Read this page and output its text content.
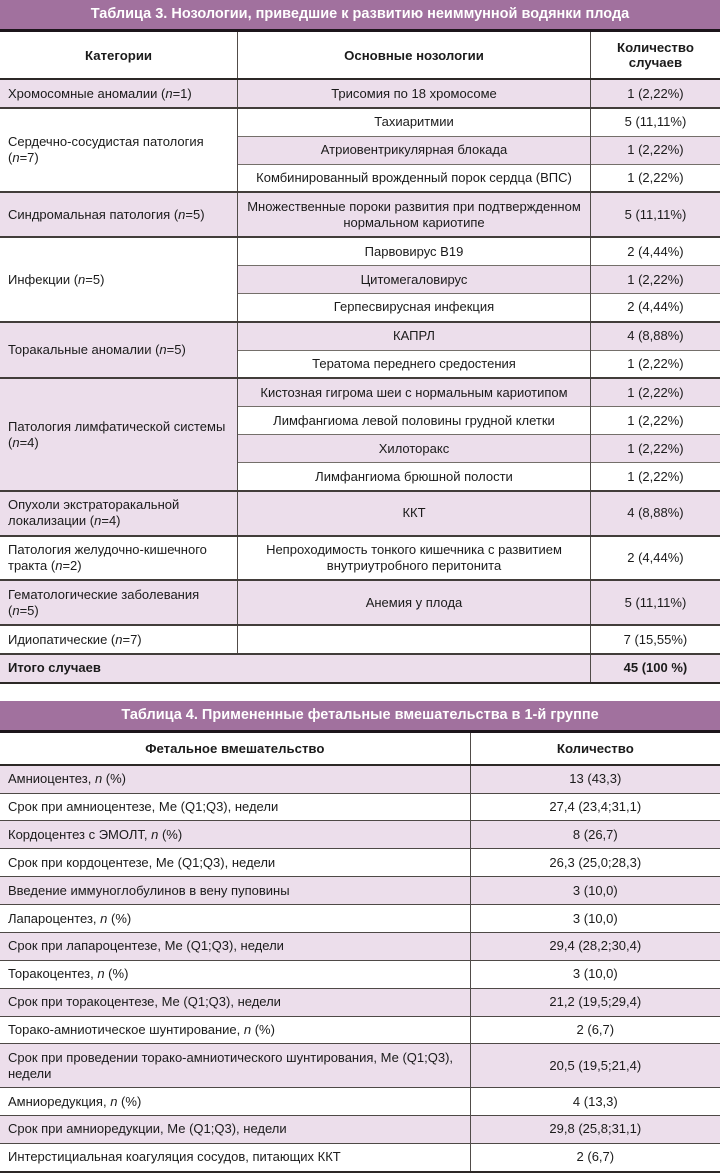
Таблица 3. Нозологии, приведшие к развитию неиммунной водянки плода
Категории	Основные нозологии	Количество случаев
Хромосомные аномалии (n=1)	Трисомия по 18 хромосоме	1 (2,22%)
Сердечно-сосудистая патология (n=7)	Тахиаритмии	5 (11,11%)
	Атриовентрикулярная блокада	1 (2,22%)
	Комбинированный врожденный порок сердца (ВПС)	1 (2,22%)
Синдромальная патология (n=5)	Множественные пороки развития при подтвержденном нормальном кариотипе	5 (11,11%)
Инфекции (n=5)	Парвовирус В19	2 (4,44%)
	Цитомегаловирус	1 (2,22%)
	Герпесвирусная инфекция	2 (4,44%)
Торакальные аномалии (n=5)	КАПРЛ	4 (8,88%)
	Тератома переднего средостения	1 (2,22%)
Патология лимфатической системы (n=4)	Кистозная гигрома шеи с нормальным кариотипом	1 (2,22%)
	Лимфангиома левой половины грудной клетки	1 (2,22%)
	Хилоторакс	1 (2,22%)
	Лимфангиома брюшной полости	1 (2,22%)
Опухоли экстраторакальной локализации (n=4)	ККТ	4 (8,88%)
Патология желудочно-кишечного тракта (n=2)	Непроходимость тонкого кишечника с развитием внутриутробного перитонита	2 (4,44%)
Гематологические заболевания (n=5)	Анемия у плода	5 (11,11%)
Идиопатические (n=7)		7 (15,55%)
Итого случаев		45 (100 %)
Таблица 4. Примененные фетальные вмешательства в 1-й группе
Фетальное вмешательство	Количество
Амниоцентез, n (%)	13 (43,3)
Срок при амниоцентезе, Ме (Q1;Q3), недели	27,4 (23,4;31,1)
Кордоцентез с ЭМОЛТ, n (%)	8 (26,7)
Срок при кордоцентезе, Ме (Q1;Q3), недели	26,3 (25,0;28,3)
Введение иммуноглобулинов в вену пуповины	3 (10,0)
Лапароцентез, n (%)	3 (10,0)
Срок при лапароцентезе, Ме (Q1;Q3), недели	29,4 (28,2;30,4)
Торакоцентез, n (%)	3 (10,0)
Срок при торакоцентезе, Ме (Q1;Q3), недели	21,2 (19,5;29,4)
Торако-амниотическое шунтирование, n (%)	2 (6,7)
Срок при проведении торако-амниотического шунтирования, Ме (Q1;Q3), недели	20,5 (19,5;21,4)
Амниоредукция, n (%)	4 (13,3)
Срок при амниоредукции, Ме (Q1;Q3), недели	29,8 (25,8;31,1)
Интерстициальная коагуляция сосудов, питающих ККТ	2 (6,7)
